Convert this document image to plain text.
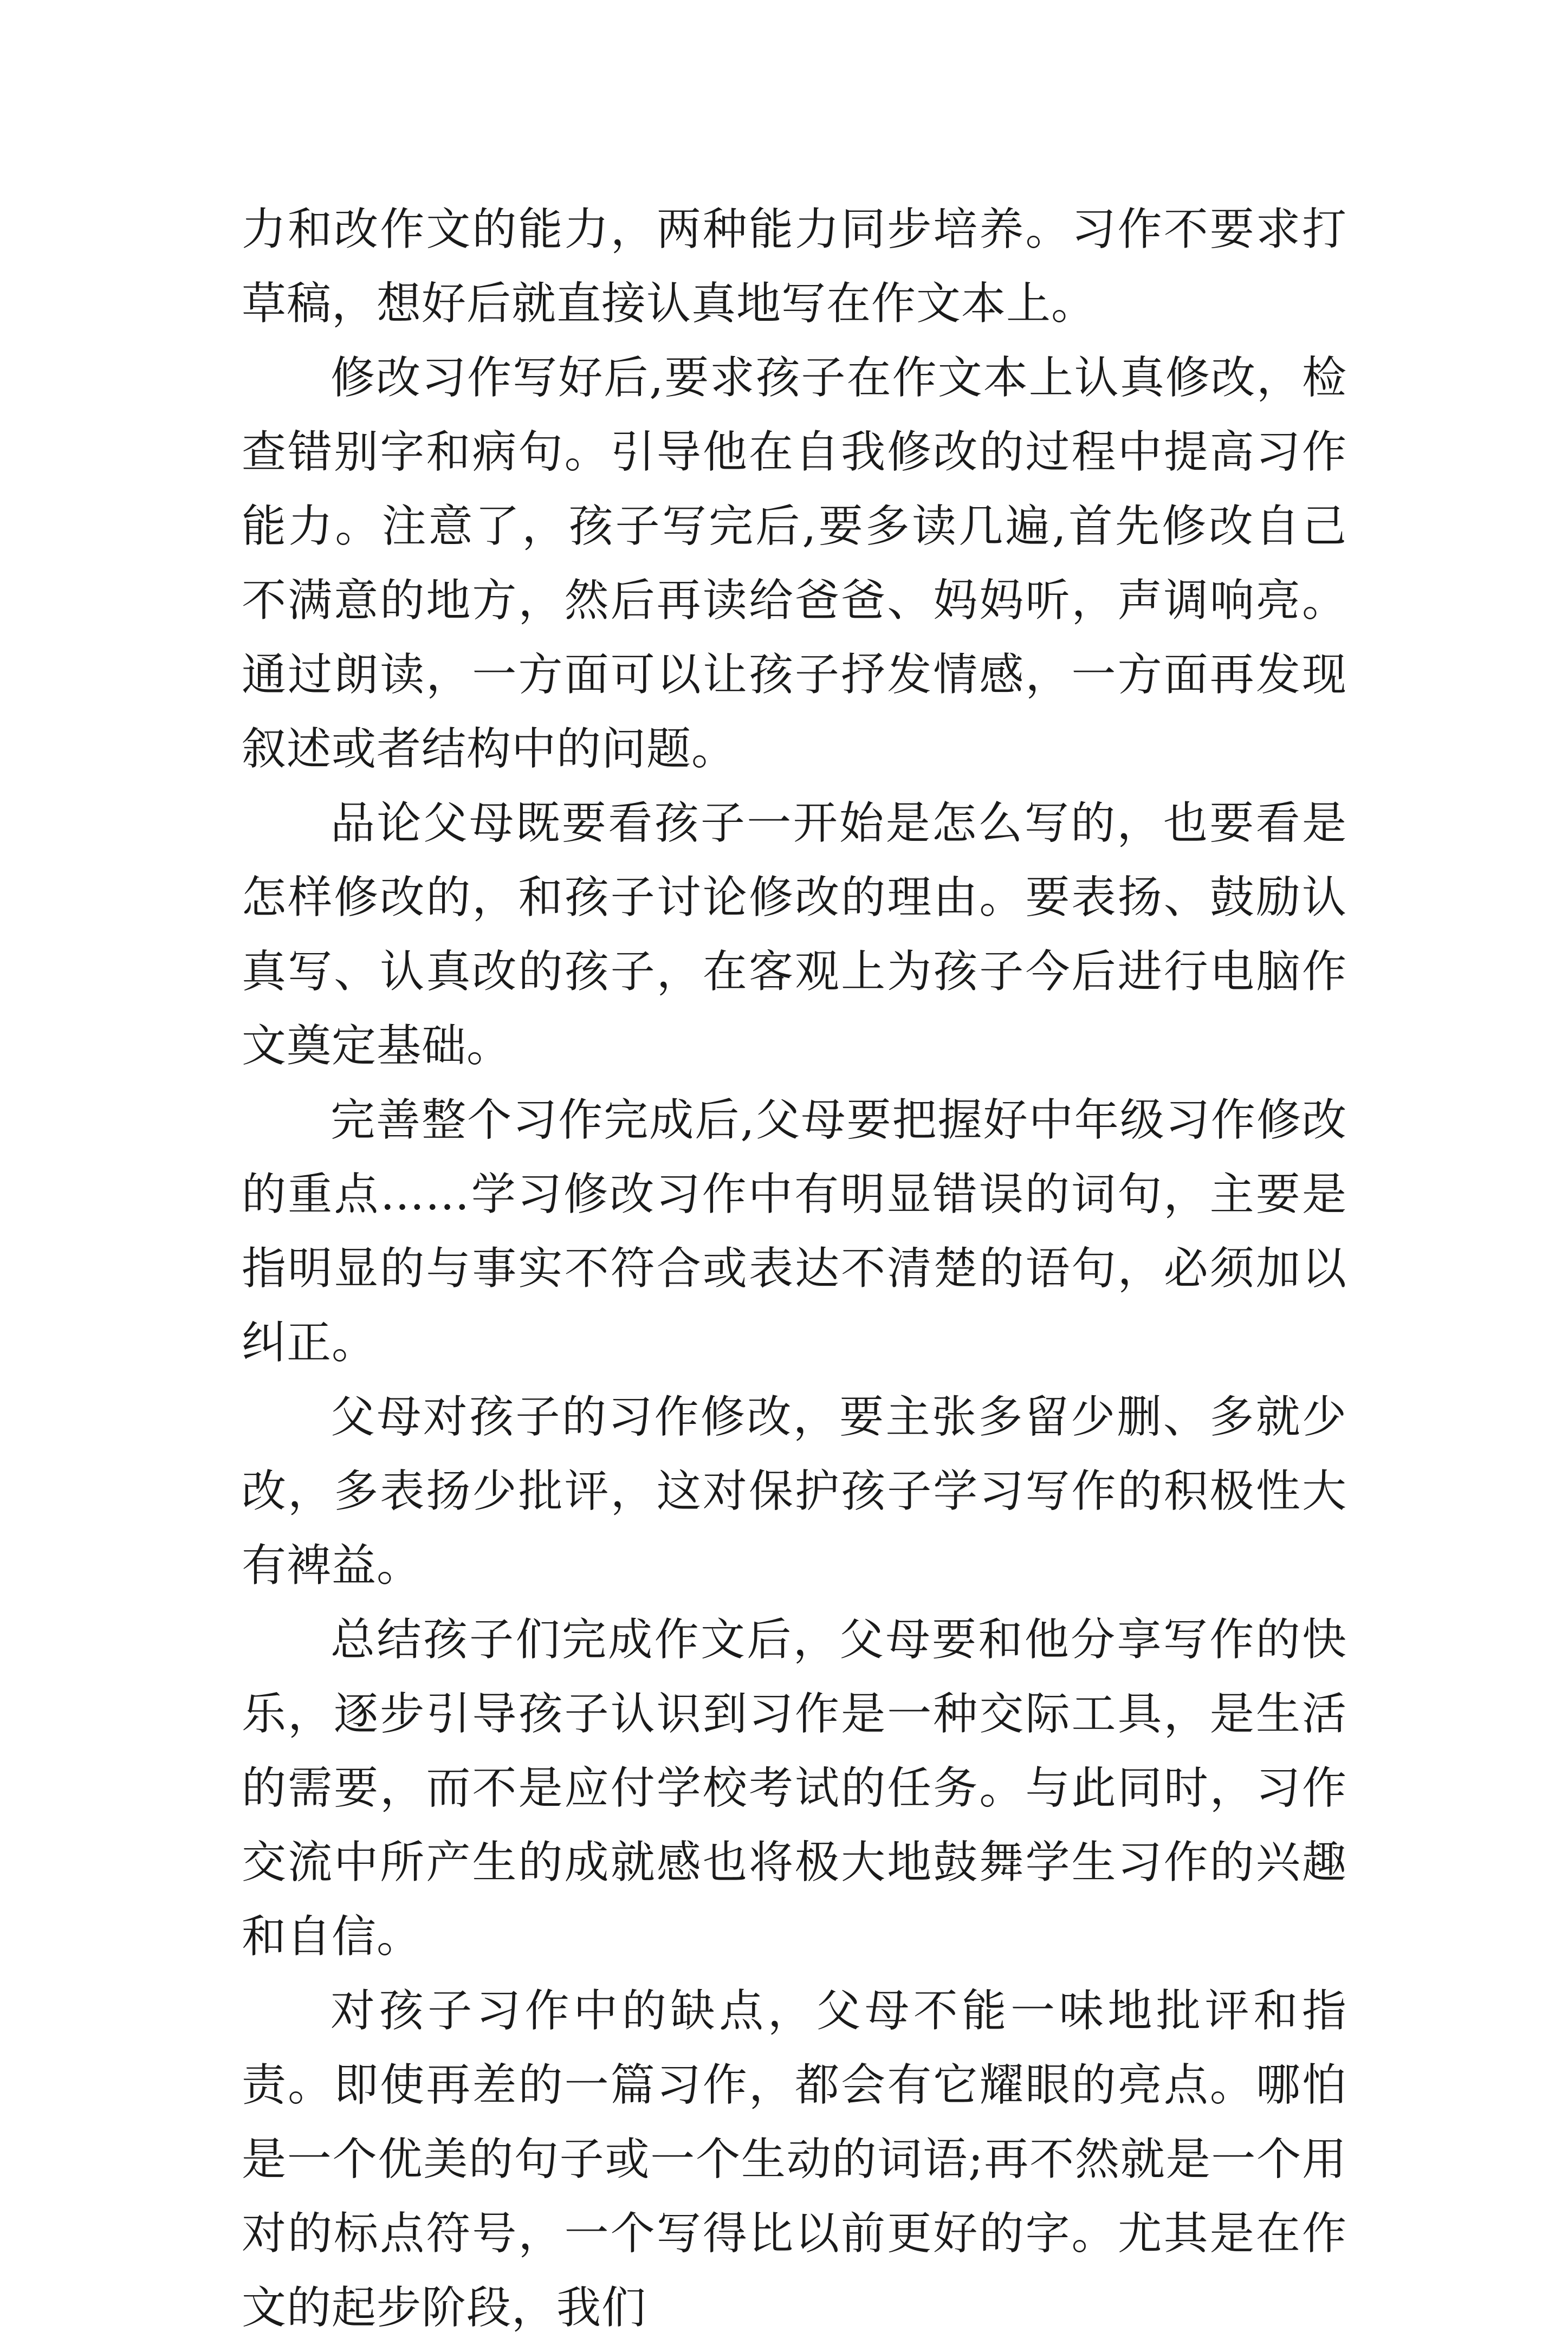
力和改作文的能力，两种能力同步培养。习作不要求打草稿，想好后就直接认真地写在作文本上。

修改习作写好后,要求孩子在作文本上认真修改，检查错别字和病句。引导他在自我修改的过程中提高习作能力。注意了，孩子写完后,要多读几遍,首先修改自己不满意的地方，然后再读给爸爸、妈妈听，声调响亮。通过朗读，一方面可以让孩子抒发情感，一方面再发现叙述或者结构中的问题。

品论父母既要看孩子一开始是怎么写的，也要看是怎样修改的，和孩子讨论修改的理由。要表扬、鼓励认真写、认真改的孩子，在客观上为孩子今后进行电脑作文奠定基础。

完善整个习作完成后,父母要把握好中年级习作修改的重点……学习修改习作中有明显错误的词句，主要是指明显的与事实不符合或表达不清楚的语句，必须加以纠正。

父母对孩子的习作修改，要主张多留少删、多就少改，多表扬少批评，这对保护孩子学习写作的积极性大有裨益。

总结孩子们完成作文后，父母要和他分享写作的快乐，逐步引导孩子认识到习作是一种交际工具，是生活的需要，而不是应付学校考试的任务。与此同时，习作交流中所产生的成就感也将极大地鼓舞学生习作的兴趣和自信。

对孩子习作中的缺点，父母不能一味地批评和指责。即使再差的一篇习作，都会有它耀眼的亮点。哪怕是一个优美的句子或一个生动的词语;再不然就是一个用对的标点符号，一个写得比以前更好的字。尤其是在作文的起步阶段，我们
